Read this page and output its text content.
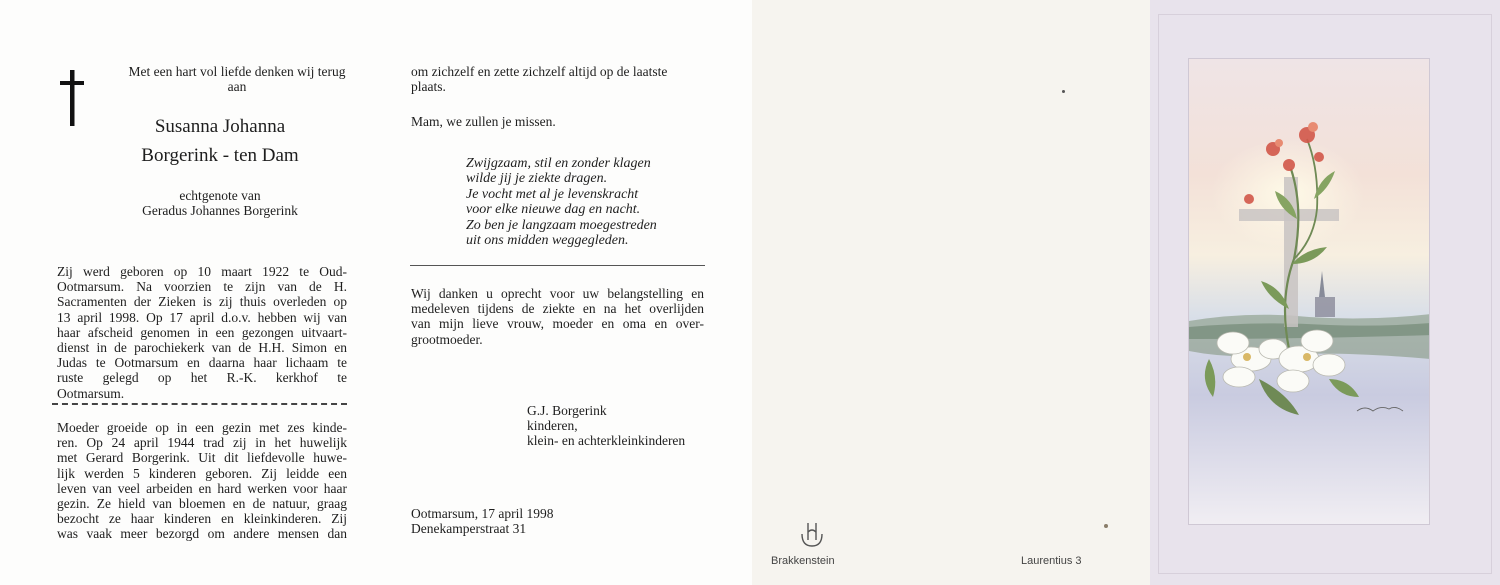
Met een hart vol liefde denken wij terug
aan
Susanna Johanna
Borgerink - ten Dam
echtgenote van
Geradus Johannes Borgerink
Zij werd geboren op 10 maart 1922 te Oud-
Ootmarsum. Na voorzien te zijn van de H.
Sacramenten der Zieken is zij thuis overleden op
13 april 1998. Op 17 april d.o.v. hebben wij van
haar afscheid genomen in een gezongen uitvaart-
dienst in de parochiekerk van de H.H. Simon en
Judas te Ootmarsum en daarna haar lichaam te
ruste gelegd op het R.-K. kerkhof te
Ootmarsum.
Moeder groeide op in een gezin met zes kinde-
ren. Op 24 april 1944 trad zij in het huwelijk
met Gerard Borgerink. Uit dit liefdevolle huwe-
lijk werden 5 kinderen geboren. Zij leidde een
leven van veel arbeiden en hard werken voor haar
gezin. Ze hield van bloemen en de natuur, graag
bezocht ze haar kinderen en kleinkinderen. Zij
was vaak meer bezorgd om andere mensen dan
om zichzelf en zette zichzelf altijd op de laatste
plaats.
Mam, we zullen je missen.
Zwijgzaam, stil en zonder klagen
wilde jij je ziekte dragen.
Je vocht met al je levenskracht
voor elke nieuwe dag en nacht.
Zo ben je langzaam moegestreden
uit ons midden weggegleden.
Wij danken u oprecht voor uw belangstelling en
medeleven tijdens de ziekte en na het overlijden
van mijn lieve vrouw, moeder en oma en over-
grootmoeder.
G.J. Borgerink
kinderen,
klein- en achterkleinkinderen
Ootmarsum, 17 april 1998
Denekamperstraat 31
Brakkenstein	Laurentius 3
